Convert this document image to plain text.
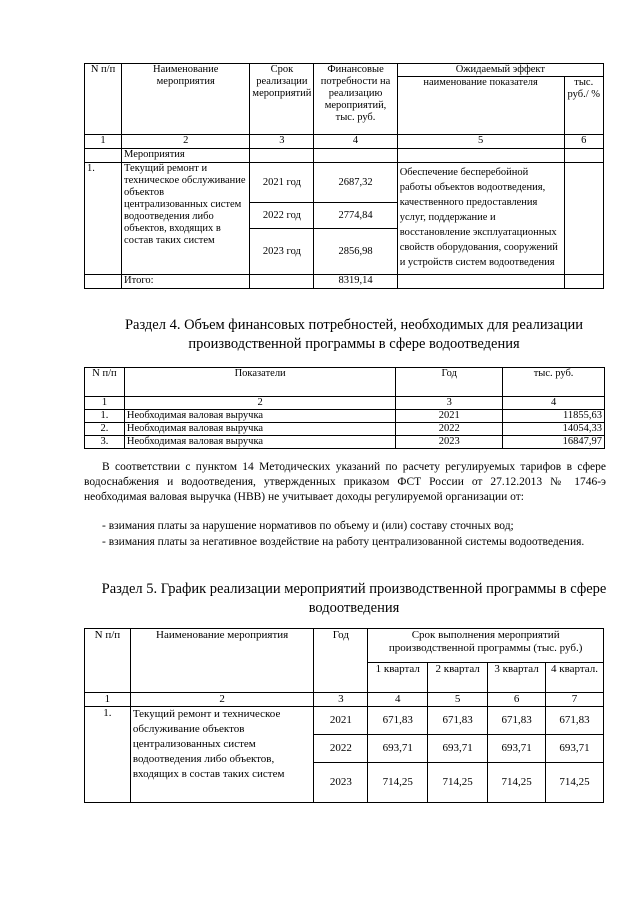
N п/п	Наименование мероприятия	Срок реализации мероприятий	Финансовые потребности на реализацию мероприятий, тыс. руб.	Ожидаемый эффект	
				наименование показателя	тыс. руб./ %
1	2	3	4	5	6
	Мероприятия				
1.	Текущий ремонт и техническое обслуживание объектов централизованных систем водоотведения либо объектов, входящих в состав таких систем	2021 год	2687,32	Обеспечение бесперебойной работы объектов водоотведения, качественного предоставления услуг, поддержание и восстановление эксплуатационных свойств оборудования, сооружений и устройств систем водоотведения	
		2022 год	2774,84		
		2023 год	2856,98		
	Итого:		8319,14		
Раздел 4. Объем финансовых потребностей, необходимых для реализации производственной программы в сфере водоотведения
N п/п	Показатели	Год	тыс. руб.
1	2	3	4
1.	Необходимая валовая выручка	2021	11855,63
2.	Необходимая валовая выручка	2022	14054,33
3.	Необходимая валовая выручка	2023	16847,97
В соответствии с пунктом 14 Методических указаний по расчету регулируемых тарифов в сфере водоснабжения и водоотведения, утвержденных приказом ФСТ России от 27.12.2013 № 1746-э необходимая валовая выручка (НВВ) не учитывает доходы регулируемой организации от:
- взимания платы за нарушение нормативов по объему и (или) составу сточных вод;
- взимания платы за негативное воздействие на работу централизованной системы водоотведения.
Раздел 5. График реализации мероприятий производственной программы в сфере водоотведения
N п/п	Наименование мероприятия	Год	Срок выполнения мероприятий производственной программы (тыс. руб.)			
			1 квартал	2 квартал	3 квартал	4 квартал.
1	2	3	4	5	6	7
1.	Текущий ремонт и техническое обслуживание объектов централизованных систем водоотведения либо объектов, входящих в состав таких систем	2021	671,83	671,83	671,83	671,83
		2022	693,71	693,71	693,71	693,71
		2023	714,25	714,25	714,25	714,25
